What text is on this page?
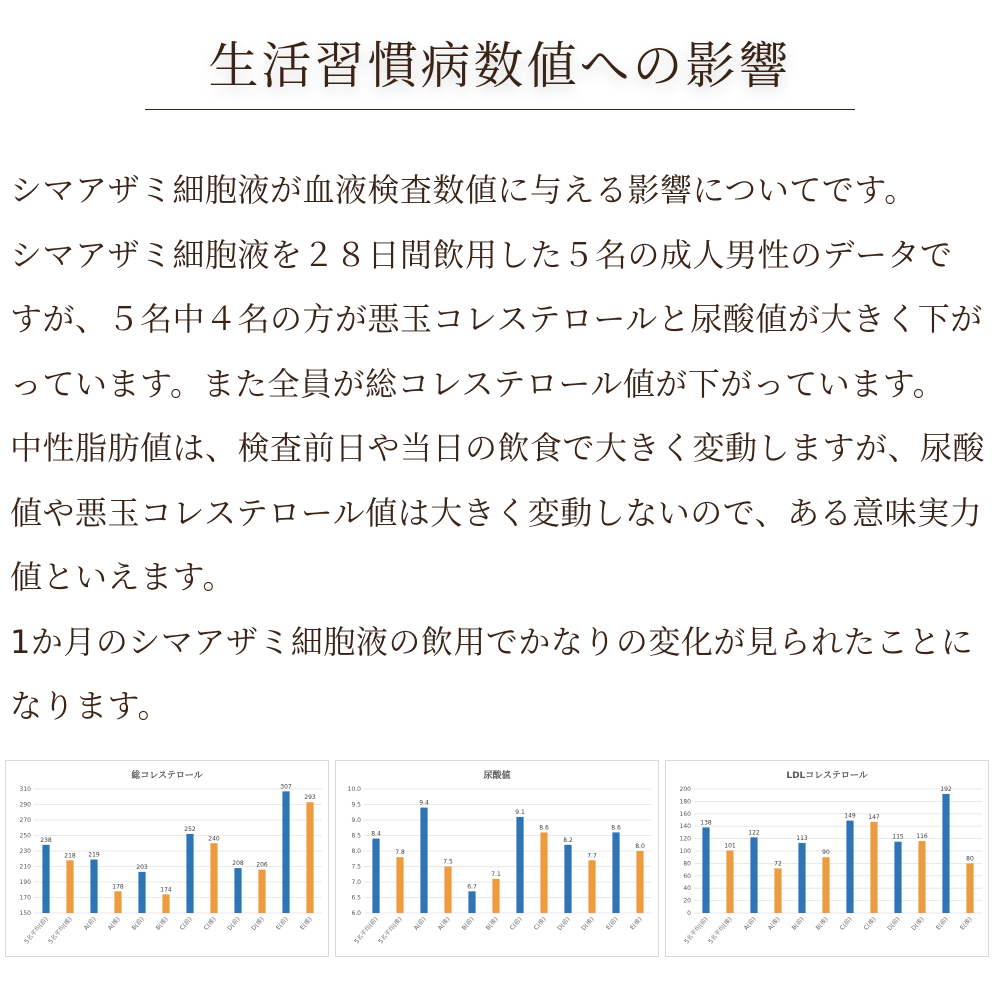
生活習慣病数値への影響

シマアザミ細胞液が血液検査数値に与える影響についてです。

シマアザミ細胞液を２８日間飲用した５名の成人男性のデータで

すが、５名中４名の方が悪玉コレステロールと尿酸値が大きく下が

っています。また全員が総コレステロール値が下がっています。

中性脂肪値は、検査前日や当日の飲食で大きく変動しますが、尿酸

値や悪玉コレステロール値は大きく変動しないので、ある意味実力

値といえます。

1か月のシマアザミ細胞液の飲用でかなりの変化が見られたことに

なります。

総コレステロール
150
170
190
210
230
250
270
290
310
238
5名平均(前)
218
5名平均(後)
219
A(前)
178
A(後)
203
B(前)
174
B(後)
252
C(前)
240
C(後)
208
D(前)
206
D(後)
307
E(前)
293
E(後)
尿酸値
6.0
6.5
7.0
7.5
8.0
8.5
9.0
9.5
10.0
8.4
5名平均(前)
7.8
5名平均(後)
9.4
A(前)
7.5
A(後)
6.7
B(前)
7.1
B(後)
9.1
C(前)
8.6
C(後)
8.2
D(前)
7.7
D(後)
8.6
E(前)
8.0
E(後)
LDLコレステロール
0
20
40
60
80
100
120
140
160
180
200
138
5名平均(前)
101
5名平均(後)
122
A(前)
72
A(後)
113
B(前)
90
B(後)
149
C(前)
147
C(後)
115
D(前)
116
D(後)
192
E(前)
80
E(後)
